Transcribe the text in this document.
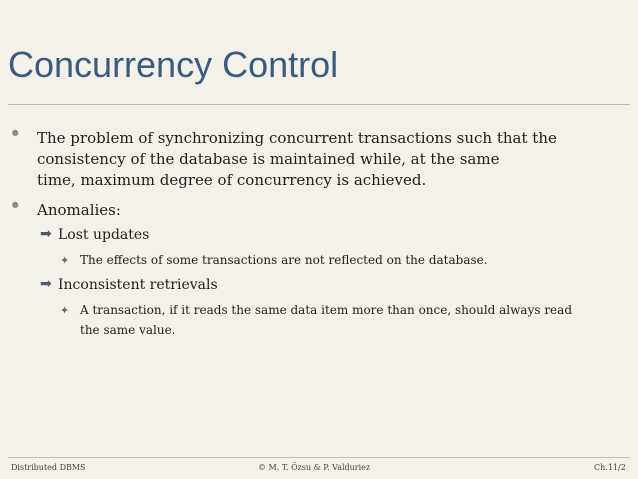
Concurrency Control
• The problem of synchronizing concurrent transactions such that the
consistency of the database is maintained while, at the same
time, maximum degree of concurrency is achieved.
• Anomalies:
➡ Lost updates
✦ The effects of some transactions are not reflected on the database.
➡ Inconsistent retrievals
✦ A transaction, if it reads the same data item more than once, should always read
the same value.
Distributed DBMS	© M. T. Özsu & P. Valduriez	Ch.11/2
